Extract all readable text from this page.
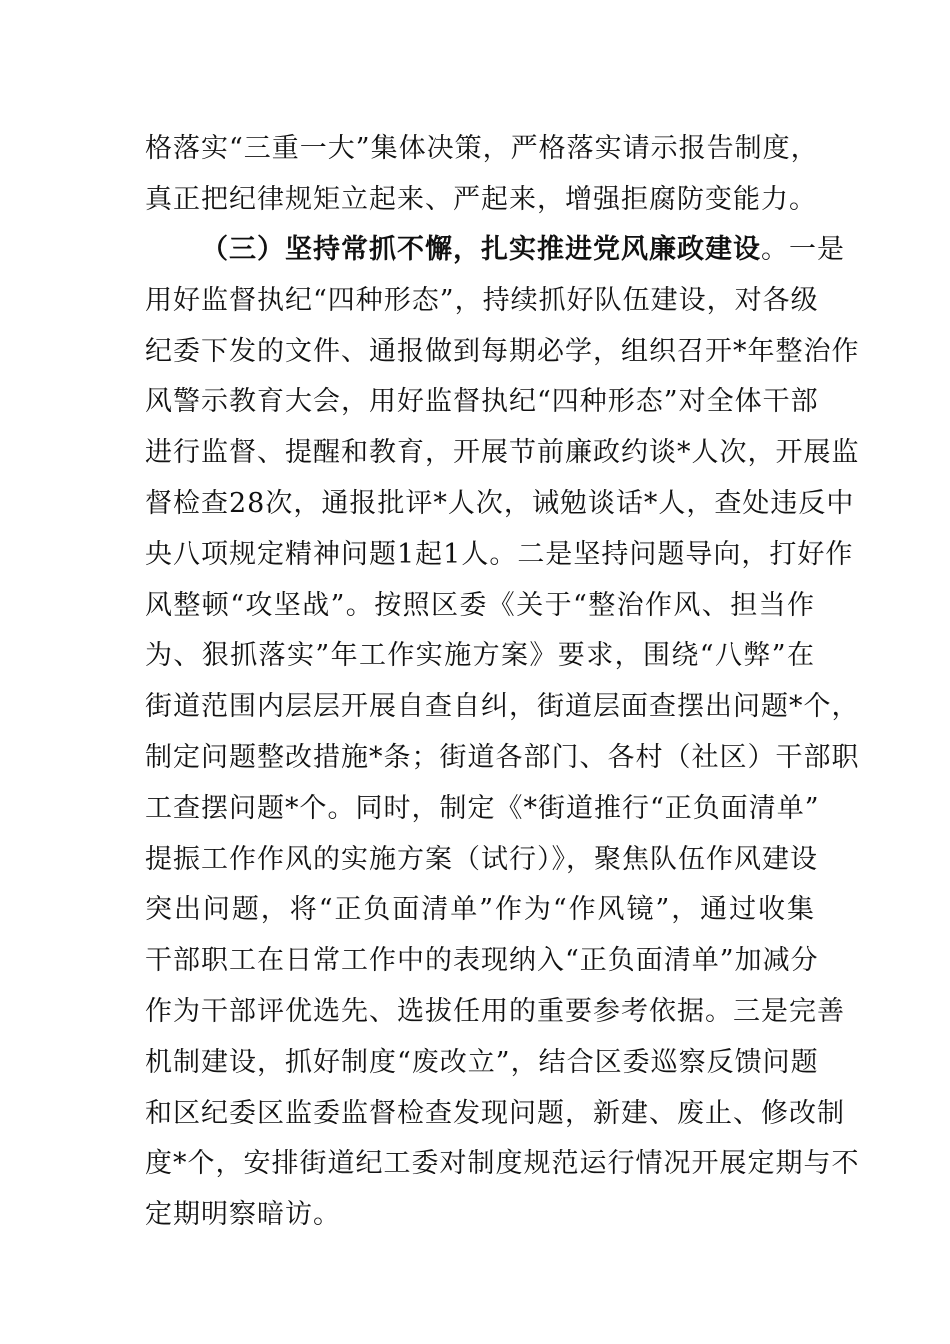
格落实“三重一大”集体决策，严格落实请示报告制度，
真正把纪律规矩立起来、严起来，增强拒腐防变能力。
（三）坚持常抓不懈，扎实推进党风廉政建设。一是
用好监督执纪“四种形态”，持续抓好队伍建设，对各级
纪委下发的文件、通报做到每期必学，组织召开*年整治作
风警示教育大会，用好监督执纪“四种形态”对全体干部
进行监督、提醒和教育，开展节前廉政约谈*人次，开展监
督检查28次，通报批评*人次，诫勉谈话*人，查处违反中
央八项规定精神问题1起1人。二是坚持问题导向，打好作
风整顿“攻坚战”。按照区委《关于“整治作风、担当作
为、狠抓落实”年工作实施方案》要求，围绕“八弊”在
街道范围内层层开展自查自纠，街道层面查摆出问题*个，
制定问题整改措施*条；街道各部门、各村（社区）干部职
工查摆问题*个。同时，制定《*街道推行“正负面清单”
提振工作作风的实施方案（试行）》，聚焦队伍作风建设
突出问题，将“正负面清单”作为“作风镜”，通过收集
干部职工在日常工作中的表现纳入“正负面清单”加减分
作为干部评优选先、选拔任用的重要参考依据。三是完善
机制建设，抓好制度“废改立”，结合区委巡察反馈问题
和区纪委区监委监督检查发现问题，新建、废止、修改制
度*个，安排街道纪工委对制度规范运行情况开展定期与不
定期明察暗访。
